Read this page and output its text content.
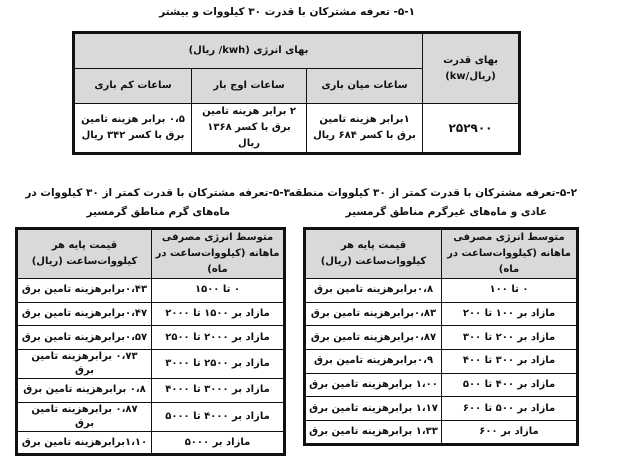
۵-۱- تعرفه مشترکان با قدرت ۳۰ کیلووات و بیشتر
بهای قدرت (ریال/kw)	بهای انرژی (kwh/ ریال)		
	ساعات میان باری	ساعات اوج بار	ساعات کم باری
۲۵۲۹۰۰	۱برابر هزینه تامین برق با کسر ۶۸۴ ریال	۲ برابر هزینه تامین برق با کسر ۱۳۶۸ ریال	۰،۵ برابر هزینه تامین برق با کسر ۳۴۲ ریال
۵-۳-تعرفه مشترکان با قدرت کمتر از ۳۰ کیلووات در
ماه‌های گرم مناطق گرمسیر
متوسط انرژی مصرفی ماهانه (کیلووات‌ساعت در ماه)	قیمت پایه هر کیلووات‌ساعت (ریال)
۰ تا ۱۵۰۰	۰،۴۳برابرهزینه تامین برق
مازاد بر ۱۵۰۰ تا ۲۰۰۰	۰،۴۷برابرهزینه تامین برق
مازاد بر ۲۰۰۰ تا ۲۵۰۰	۰،۵۷برابرهزینه تامین برق
مازاد بر ۲۵۰۰ تا ۳۰۰۰	۰،۷۳ برابرهزینه تامین برق
مازاد بر ۳۰۰۰ تا ۴۰۰۰	۰،۸ برابرهزینه تامین برق
مازاد بر ۴۰۰۰ تا ۵۰۰۰	۰،۸۷ برابرهزینه تامین برق
مازاد بر ۵۰۰۰	۱،۱۰برابرهزینه تامین برق
۵-۲-تعرفه مشترکان با قدرت کمتر از ۳۰ کیلووات منطقه
عادی و ماه‌های غیرگرم مناطق گرمسیر
متوسط انرژی مصرفی ماهانه (کیلووات‌ساعت در ماه)	قیمت پایه هر کیلووات‌ساعت (ریال)
۰ تا ۱۰۰	۰،۸برابرهزینه تامین برق
مازاد بر ۱۰۰ تا ۲۰۰	۰،۸۳برابرهزینه تامین برق
مازاد بر ۲۰۰ تا ۳۰۰	۰،۸۷برابرهزینه تامین برق
مازاد بر ۳۰۰ تا ۴۰۰	۰،۹برابرهزینه تامین برق
مازاد بر ۴۰۰ تا ۵۰۰	۱،۰۰ برابرهزینه تامین برق
مازاد بر ۵۰۰ تا ۶۰۰	۱،۱۷ برابرهزینه تامین برق
مازاد بر ۶۰۰	۱،۳۳ برابرهزینه تامین برق
